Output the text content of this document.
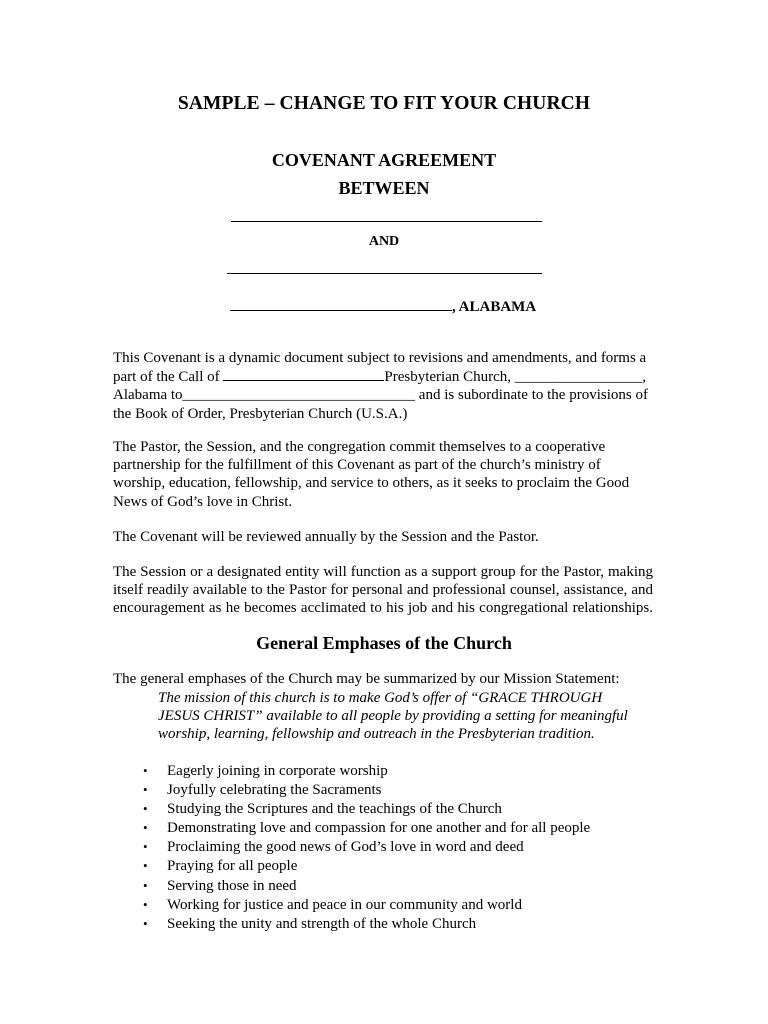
SAMPLE – CHANGE TO FIT YOUR CHURCH
COVENANT AGREEMENT
BETWEEN
AND
, ALABAMA
This Covenant is a dynamic document subject to revisions and amendments, and forms a
part of the Call of	Presbyterian Church, _________________,
Alabama to_______________________________ and is subordinate to the provisions of
the Book of Order, Presbyterian Church (U.S.A.)
The Pastor, the Session, and the congregation commit themselves to a cooperative
partnership for the fulfillment of this Covenant as part of the church’s ministry of
worship, education, fellowship, and service to others, as it seeks to proclaim the Good
News of God’s love in Christ.
The Covenant will be reviewed annually by the Session and the Pastor.
The Session or a designated entity will function as a support group for the Pastor, making
itself readily available to the Pastor for personal and professional counsel, assistance, and
encouragement as he becomes acclimated to his job and his congregational relationships.
General Emphases of the Church
The general emphases of the Church may be summarized by our Mission Statement:
The mission of this church is to make God’s offer of “GRACE THROUGH
JESUS CHRIST” available to all people by providing a setting for meaningful
worship, learning, fellowship and outreach in the Presbyterian tradition.
• Eagerly joining in corporate worship
• Joyfully celebrating the Sacraments
• Studying the Scriptures and the teachings of the Church
• Demonstrating love and compassion for one another and for all people
• Proclaiming the good news of God’s love in word and deed
• Praying for all people
• Serving those in need
• Working for justice and peace in our community and world
• Seeking the unity and strength of the whole Church
